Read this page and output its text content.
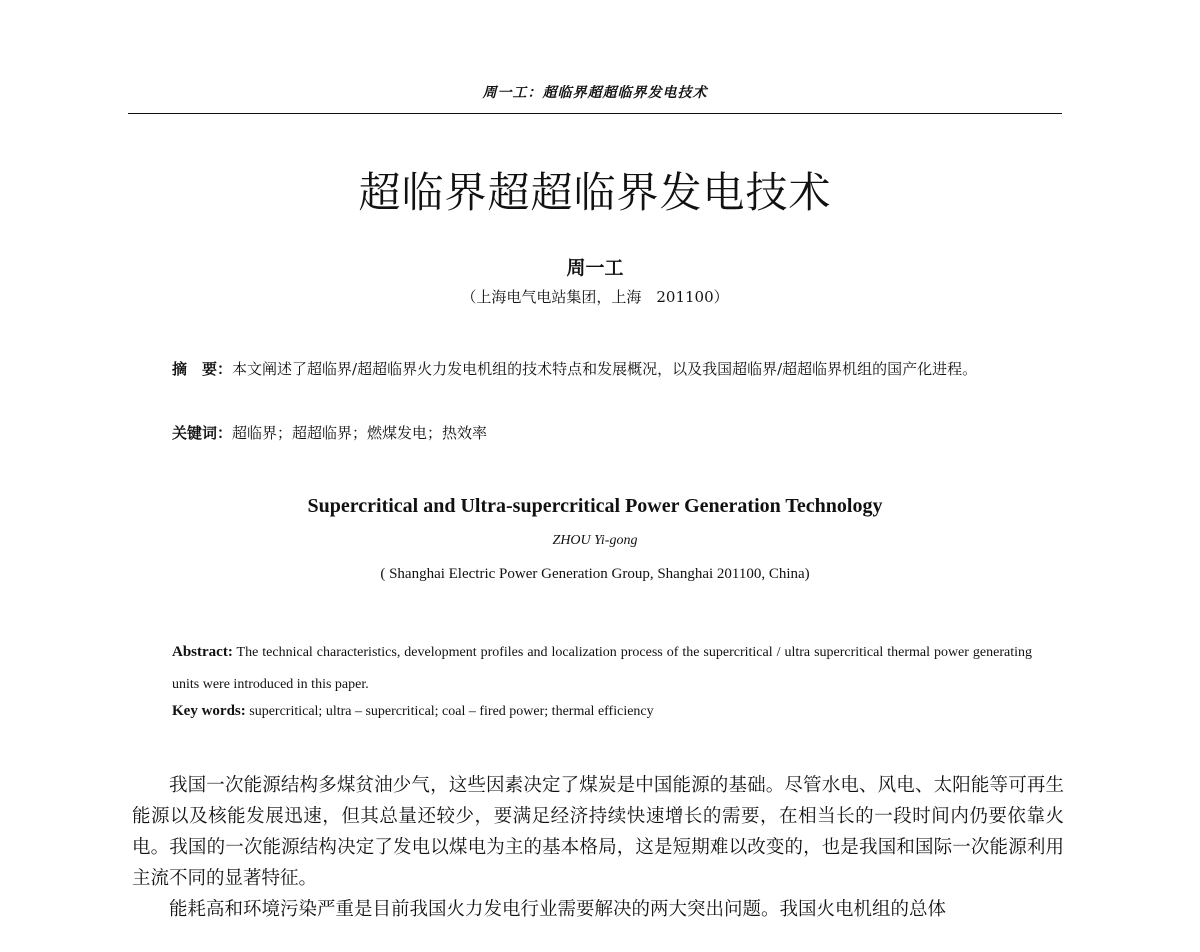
周一工：超临界超超临界发电技术
超临界超超临界发电技术
周一工
（上海电气电站集团，上海　201100）
摘　要：本文阐述了超临界/超超临界火力发电机组的技术特点和发展概况，以及我国超临界/超超临界机组的国产化进程。
关键词：超临界；超超临界；燃煤发电；热效率
Supercritical and Ultra-supercritical Power Generation Technology
ZHOU Yi-gong
( Shanghai Electric Power Generation Group, Shanghai 201100, China)
Abstract: The technical characteristics, development profiles and localization process of the supercritical / ultra supercritical thermal power generating units were introduced in this paper.
Key words: supercritical; ultra – supercritical; coal – fired power; thermal efficiency

我国一次能源结构多煤贫油少气，这些因素决定了煤炭是中国能源的基础。尽管水电、风电、太阳能等可再生能源以及核能发展迅速，但其总量还较少，要满足经济持续快速增长的需要，在相当长的一段时间内仍要依靠火电。我国的一次能源结构决定了发电以煤电为主的基本格局，这是短期难以改变的，也是我国和国际一次能源利用主流不同的显著特征。

能耗高和环境污染严重是目前我国火力发电行业需要解决的两大突出问题。我国火电机组的总体
